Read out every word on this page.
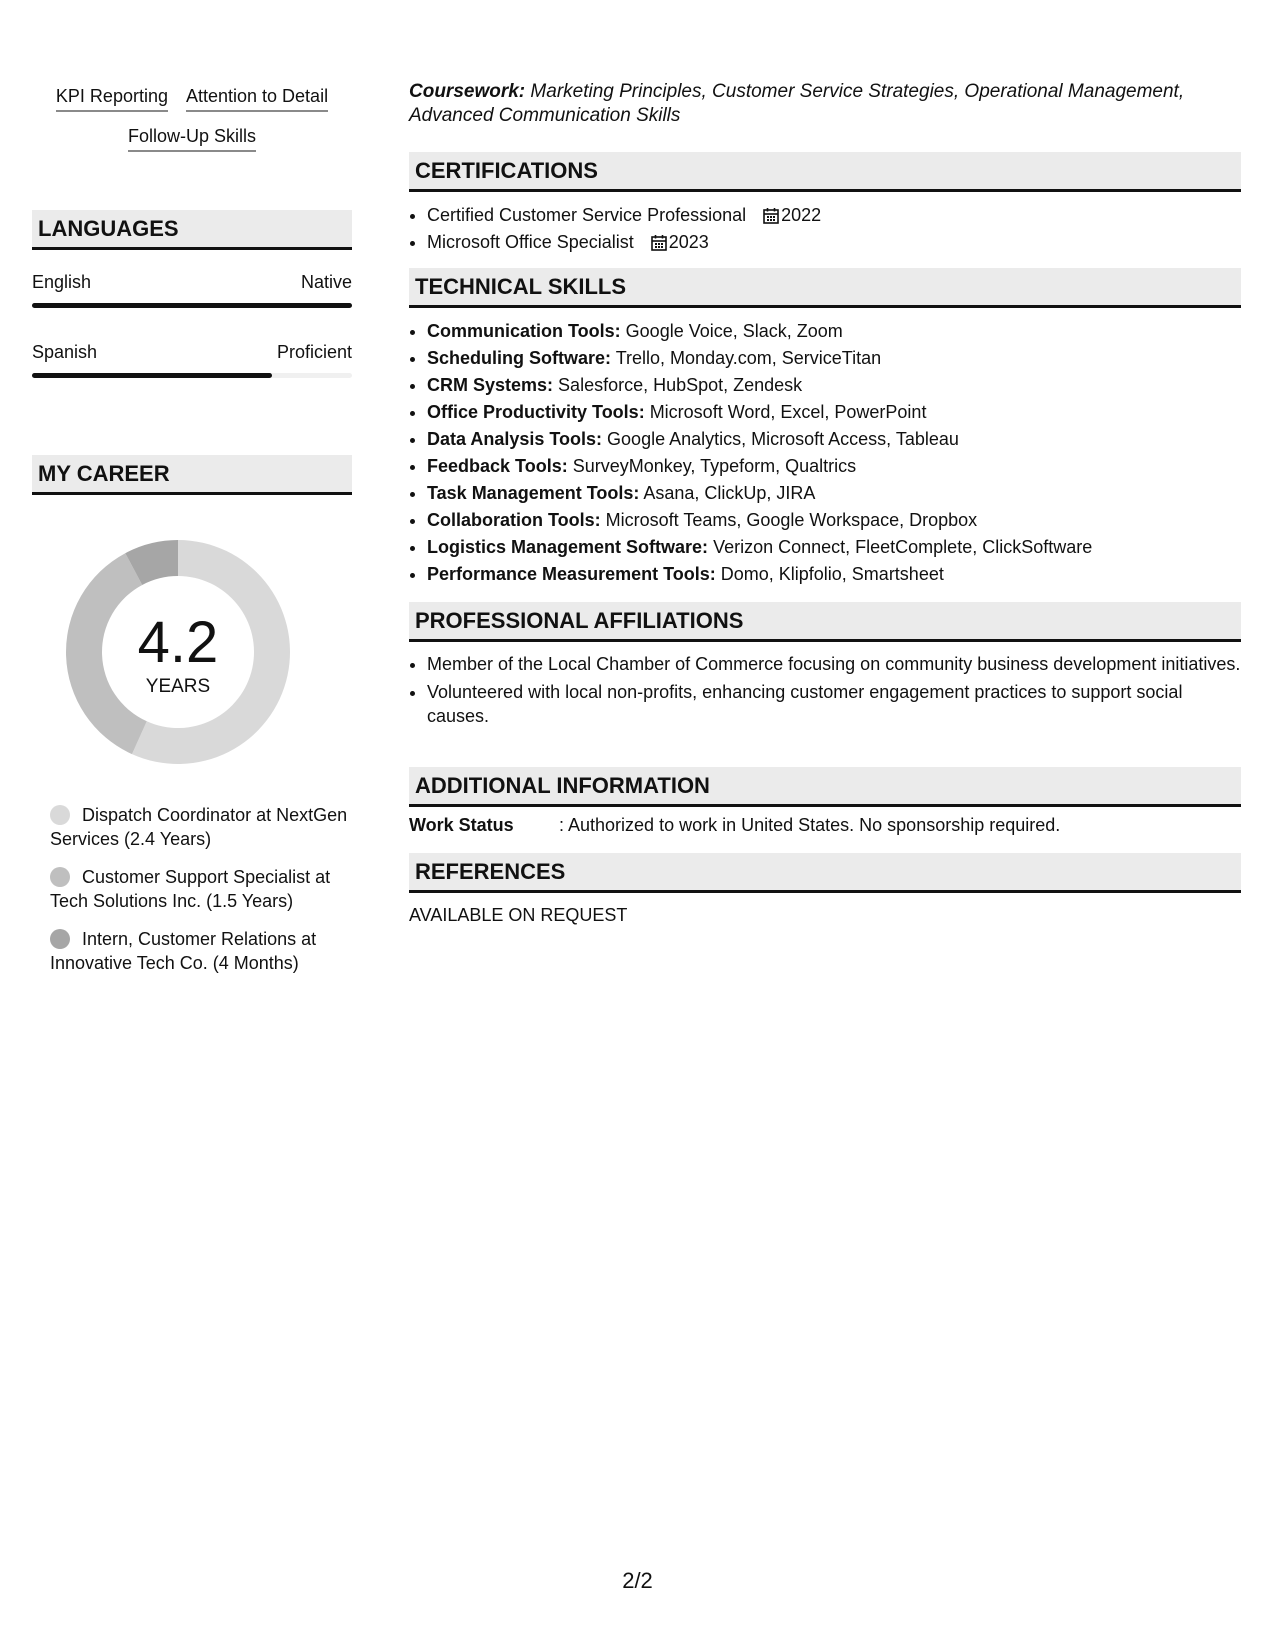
KPI Reporting Attention to Detail
Follow-Up Skills
LANGUAGES
English	Native
Spanish	Proficient
MY CAREER
4.2
YEARS
Dispatch Coordinator at NextGen Services (2.4 Years)
Customer Support Specialist at Tech Solutions Inc. (1.5 Years)
Intern, Customer Relations at Innovative Tech Co. (4 Months)
Coursework: Marketing Principles, Customer Service Strategies, Operational Management, Advanced Communication Skills
CERTIFICATIONS
• Certified Customer Service Professional 2022
• Microsoft Office Specialist 2023
TECHNICAL SKILLS
• Communication Tools: Google Voice, Slack, Zoom
• Scheduling Software: Trello, Monday.com, ServiceTitan
• CRM Systems: Salesforce, HubSpot, Zendesk
• Office Productivity Tools: Microsoft Word, Excel, PowerPoint
• Data Analysis Tools: Google Analytics, Microsoft Access, Tableau
• Feedback Tools: SurveyMonkey, Typeform, Qualtrics
• Task Management Tools: Asana, ClickUp, JIRA
• Collaboration Tools: Microsoft Teams, Google Workspace, Dropbox
• Logistics Management Software: Verizon Connect, FleetComplete, ClickSoftware
• Performance Measurement Tools: Domo, Klipfolio, Smartsheet
PROFESSIONAL AFFILIATIONS
• Member of the Local Chamber of Commerce focusing on community business development initiatives.
• Volunteered with local non-profits, enhancing customer engagement practices to support social causes.
ADDITIONAL INFORMATION
Work Status	: Authorized to work in United States. No sponsorship required.
REFERENCES
AVAILABLE ON REQUEST
2/2
